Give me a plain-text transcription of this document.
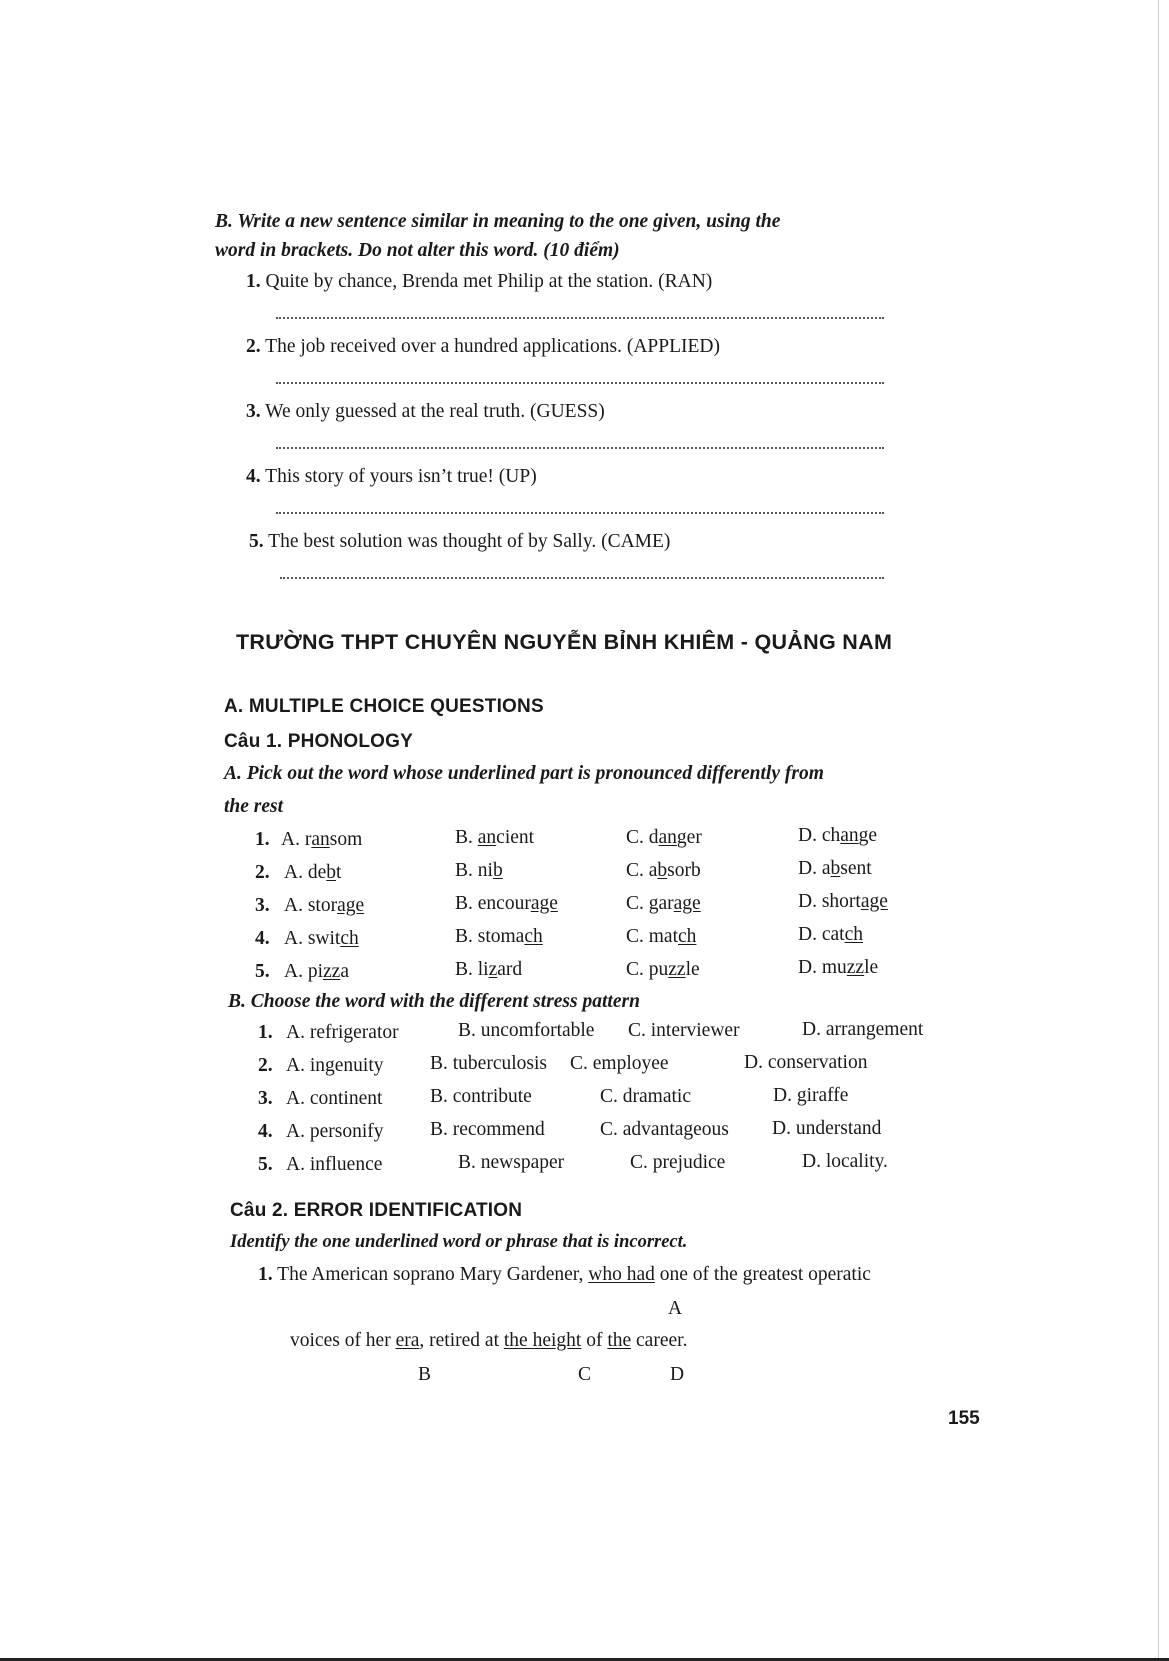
B. Write a new sentence similar in meaning to the one given, using the
word in brackets. Do not alter this word. (10 điểm)
1. Quite by chance, Brenda met Philip at the station. (RAN)
2. The job received over a hundred applications. (APPLIED)
3. We only guessed at the real truth. (GUESS)
4. This story of yours isn’t true! (UP)
5. The best solution was thought of by Sally. (CAME)
TRƯỜNG THPT CHUYÊN NGUYỄN BỈNH KHIÊM - QUẢNG NAM
A. MULTIPLE CHOICE QUESTIONS
Câu 1. PHONOLOGY
A. Pick out the word whose underlined part is pronounced differently from
the rest
1. A. ransom	B. ancient	C. danger	D. change
2. A. debt	B. nib	C. absorb	D. absent
3. A. storage	B. encourage	C. garage	D. shortage
4. A. switch	B. stomach	C. match	D. catch
5. A. pizza	B. lizard	C. puzzle	D. muzzle
B. Choose the word with the different stress pattern
1. A. refrigerator	B. uncomfortable C. interviewer	D. arrangement
2. A. ingenuity B. tuberculosis C. employee	D. conservation
3. A. continent B. contribute	C. dramatic	D. giraffe
4. A. personify B. recommend	C. advantageous D. understand
5. A. influence	B. newspaper	C. prejudice	D. locality.
Câu 2. ERROR IDENTIFICATION
Identify the one underlined word or phrase that is incorrect.
1. The American soprano Mary Gardener, who had one of the greatest operatic
A
voices of her era, retired at the height of the career.
B	C	D
155
